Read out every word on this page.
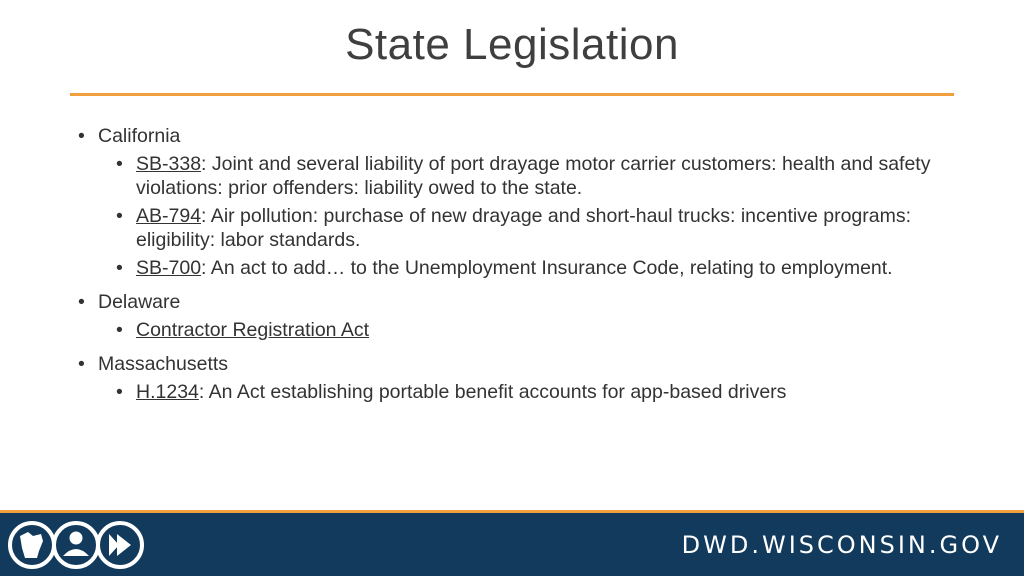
State Legislation
• California
• SB-338: Joint and several liability of port drayage motor carrier customers: health and safety violations: prior offenders: liability owed to the state.
• AB-794: Air pollution: purchase of new drayage and short-haul trucks: incentive programs: eligibility: labor standards.
• SB-700: An act to add… to the Unemployment Insurance Code, relating to employment.
• Delaware
• Contractor Registration Act
• Massachusetts
• H.1234: An Act establishing portable benefit accounts for app-based drivers
DWD.WISCONSIN.GOV
